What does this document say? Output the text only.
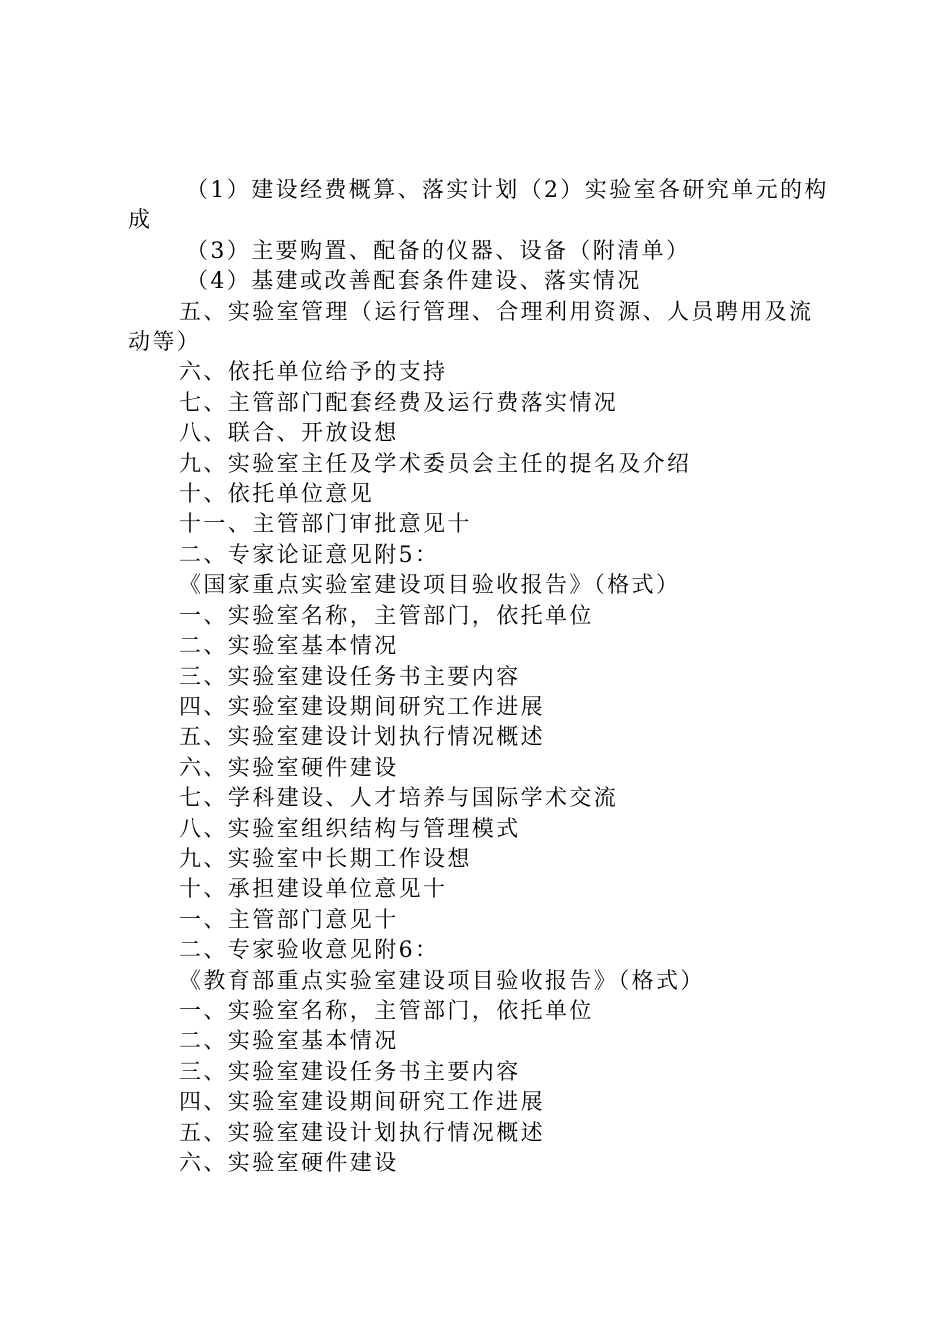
（1）建设经费概算、落实计划（2）实验室各研究单元的构成

（3）主要购置、配备的仪器、设备（附清单）

（4）基建或改善配套条件建设、落实情况

五、实验室管理（运行管理、合理利用资源、人员聘用及流动等）

六、依托单位给予的支持

七、主管部门配套经费及运行费落实情况

八、联合、开放设想

九、实验室主任及学术委员会主任的提名及介绍

十、依托单位意见

十一、主管部门审批意见十

二、专家论证意见附5：

《国家重点实验室建设项目验收报告》（格式）

一、实验室名称，主管部门，依托单位

二、实验室基本情况

三、实验室建设任务书主要内容

四、实验室建设期间研究工作进展

五、实验室建设计划执行情况概述

六、实验室硬件建设

七、学科建设、人才培养与国际学术交流

八、实验室组织结构与管理模式

九、实验室中长期工作设想

十、承担建设单位意见十

一、主管部门意见十

二、专家验收意见附6：

《教育部重点实验室建设项目验收报告》（格式）

一、实验室名称，主管部门，依托单位

二、实验室基本情况

三、实验室建设任务书主要内容

四、实验室建设期间研究工作进展

五、实验室建设计划执行情况概述

六、实验室硬件建设
